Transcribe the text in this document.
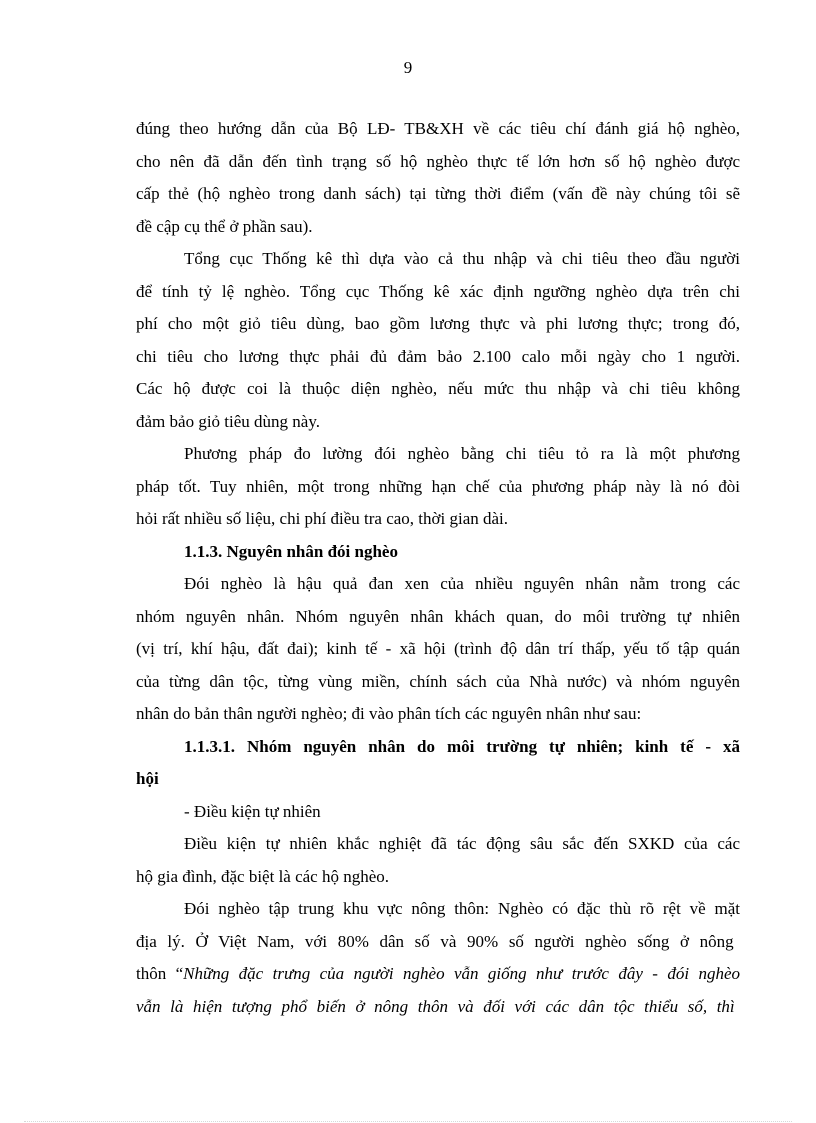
9
đúng theo hướng dẫn của Bộ LĐ- TB&XH về các tiêu chí đánh giá hộ nghèo,
cho nên đã dẫn đến tình trạng số hộ nghèo thực tế lớn hơn số hộ nghèo được
cấp thẻ (hộ nghèo trong danh sách) tại từng thời điểm (vấn đề này chúng tôi sẽ
đề cập cụ thể ở phần sau).
Tổng cục Thống kê thì dựa vào cả thu nhập và chi tiêu theo đầu người
để tính tỷ lệ nghèo. Tổng cục Thống kê xác định ngưỡng nghèo dựa trên chi
phí cho một giỏ tiêu dùng, bao gồm lương thực và phi lương thực; trong đó,
chi tiêu cho lương thực phải đủ đảm bảo 2.100 calo mỗi ngày cho 1 người.
Các hộ được coi là thuộc diện nghèo, nếu mức thu nhập và chi tiêu không
đảm bảo giỏ tiêu dùng này.
Phương pháp đo lường đói nghèo bằng chi tiêu tỏ ra là một phương
pháp tốt. Tuy nhiên, một trong những hạn chế của phương pháp này là nó đòi
hỏi rất nhiều số liệu, chi phí điều tra cao, thời gian dài.
1.1.3. Nguyên nhân đói nghèo
Đói nghèo là hậu quả đan xen của nhiều nguyên nhân nằm trong các
nhóm nguyên nhân. Nhóm nguyên nhân khách quan, do môi trường tự nhiên
(vị trí, khí hậu, đất đai); kinh tế - xã hội (trình độ dân trí thấp, yếu tố tập quán
của từng dân tộc, từng vùng miền, chính sách của Nhà nước) và nhóm nguyên
nhân do bản thân người nghèo; đi vào phân tích các nguyên nhân như sau:
1.1.3.1. Nhóm nguyên nhân do môi trường tự nhiên; kinh tế - xã
hội
- Điều kiện tự nhiên
Điều kiện tự nhiên khắc nghiệt đã tác động sâu sắc đến SXKD của các
hộ gia đình, đặc biệt là các hộ nghèo.
Đói nghèo tập trung khu vực nông thôn: Nghèo có đặc thù rõ rệt về mặt
địa lý. Ở Việt Nam, với 80% dân số và 90% số người nghèo sống ở nông
thôn “Những đặc trưng của người nghèo vẫn giống như trước đây - đói nghèo
vẫn là hiện tượng phổ biến ở nông thôn và đối với các dân tộc thiểu số, thì
